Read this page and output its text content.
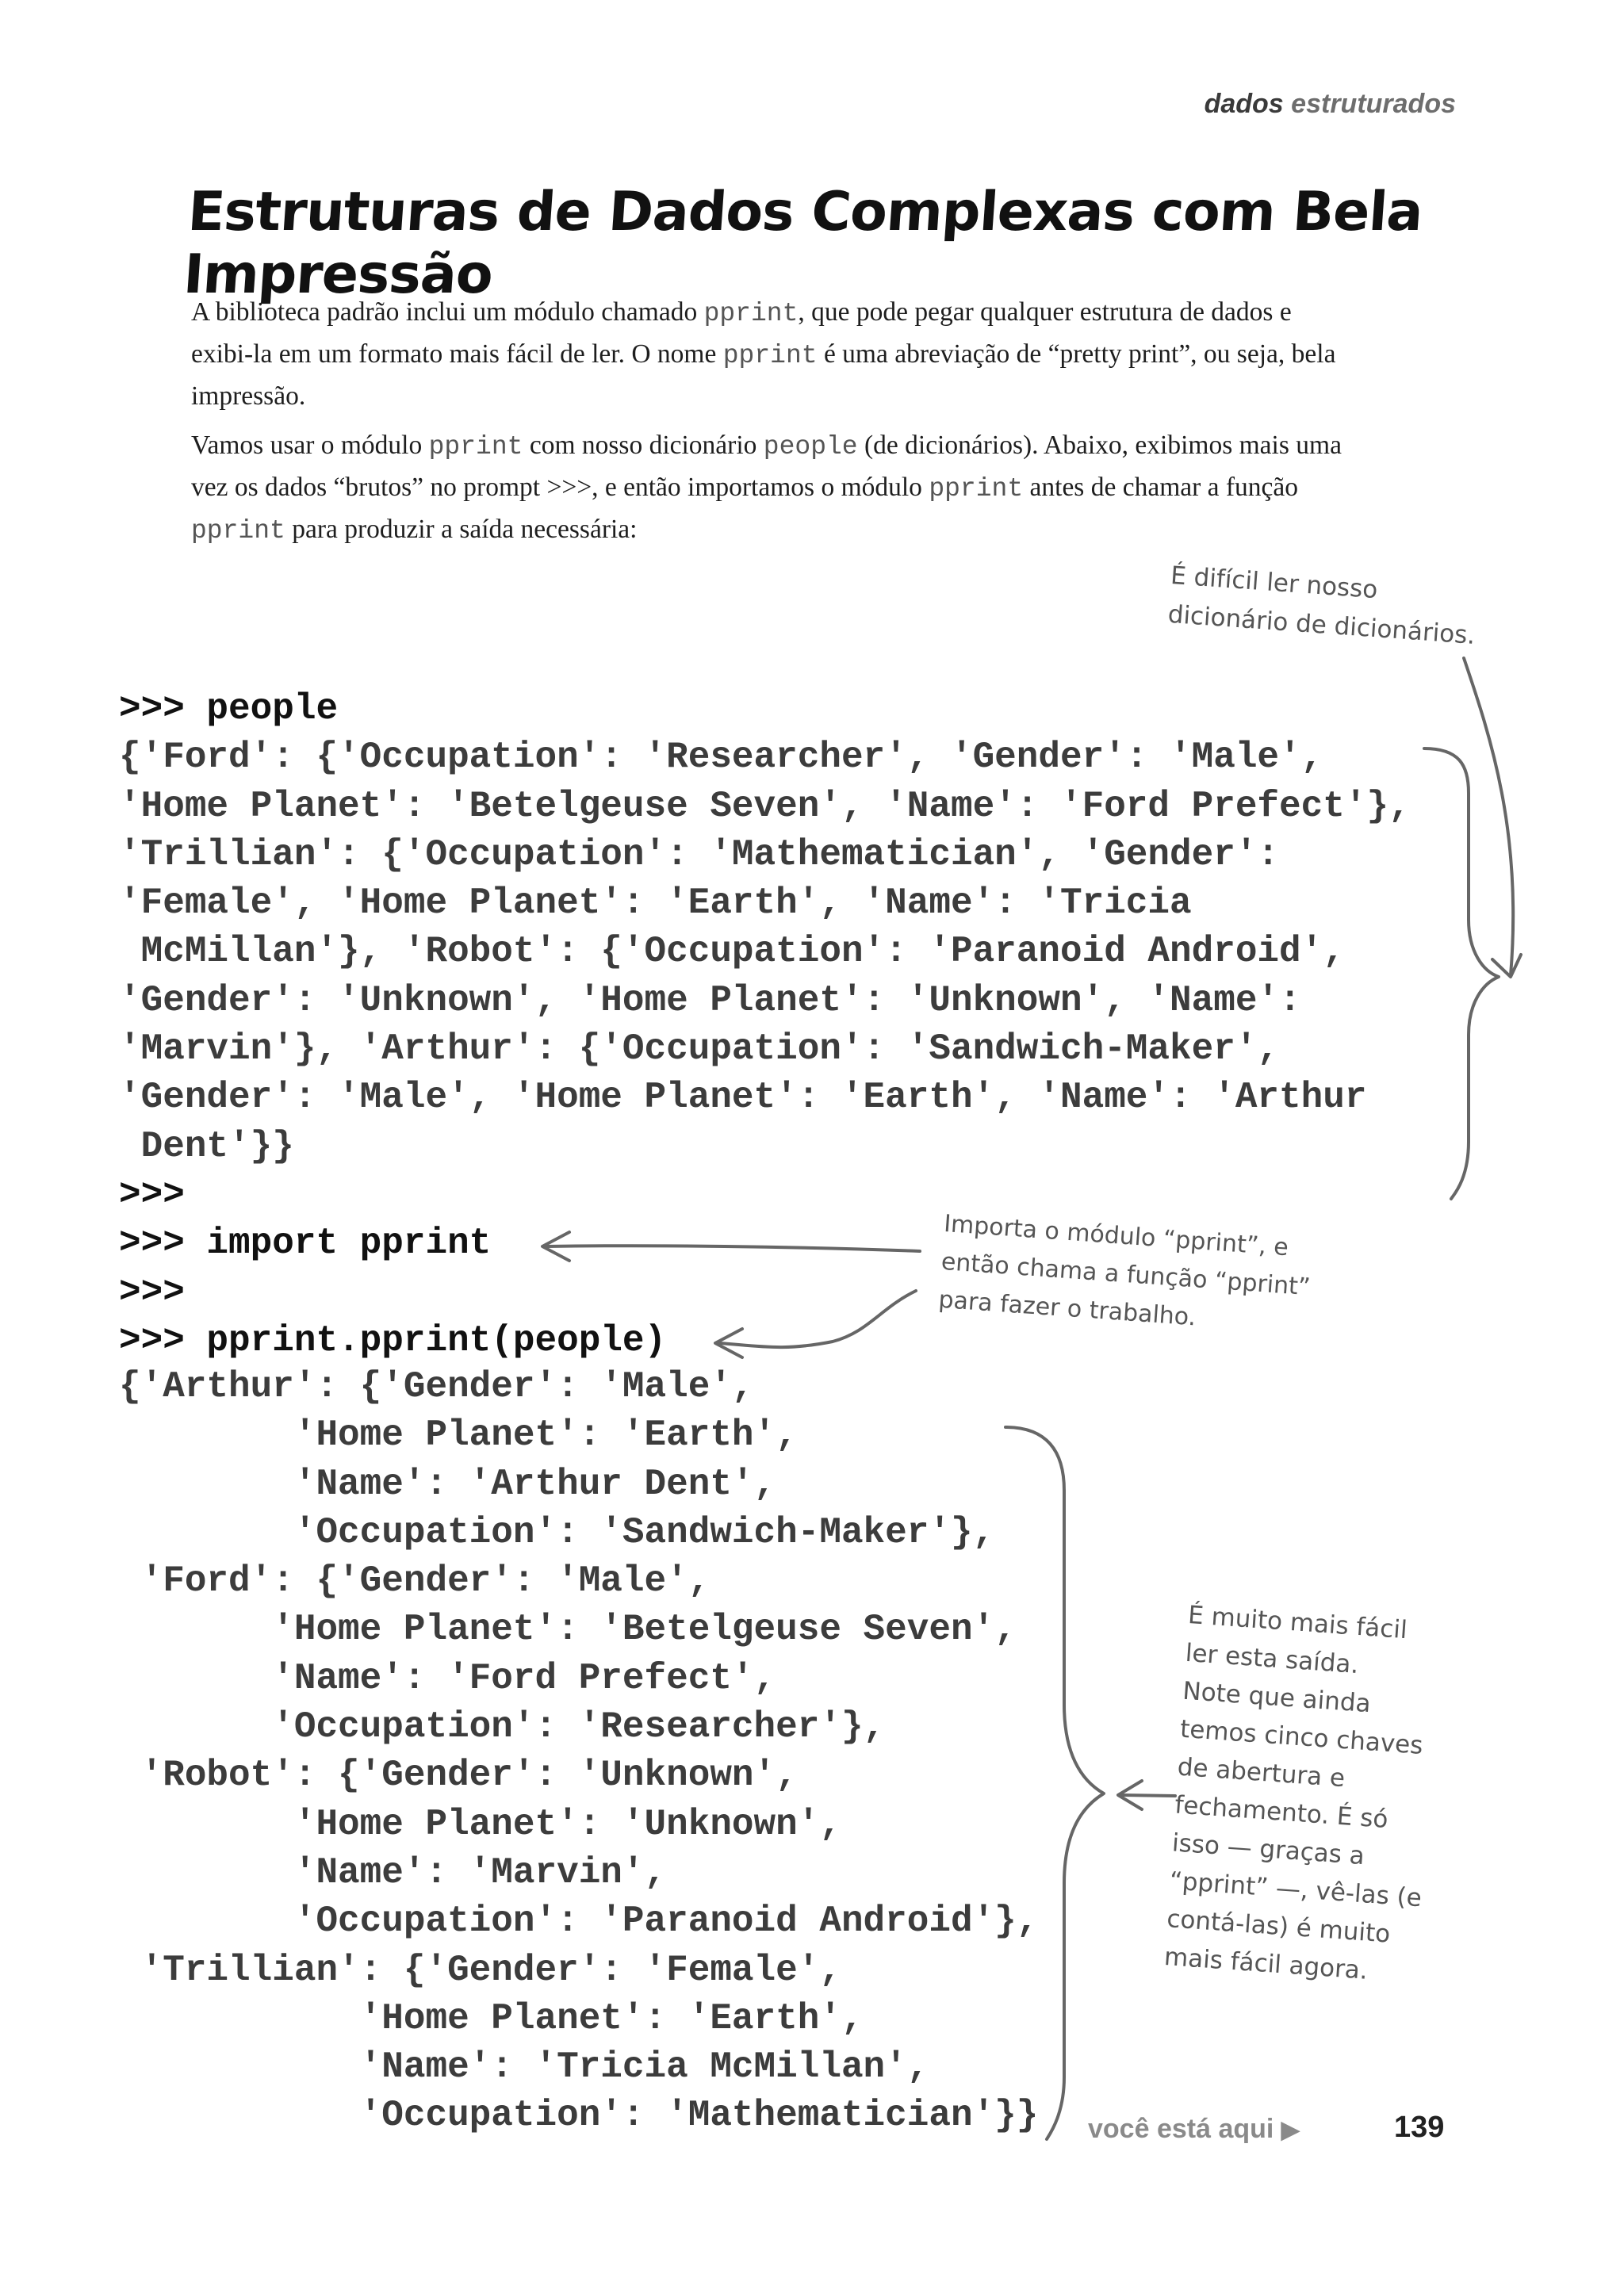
dados estruturados
Estruturas de Dados Complexas com Bela Impressão
A biblioteca padrão inclui um módulo chamado pprint, que pode pegar qualquer estrutura de dados e exibi-la em um formato mais fácil de ler. O nome pprint é uma abreviação de “pretty print”, ou seja, bela impressão.
Vamos usar o módulo pprint com nosso dicionário people (de dicionários). Abaixo, exibimos mais uma vez os dados “brutos” no prompt >>>, e então importamos o módulo pprint antes de chamar a função pprint para produzir a saída necessária:
>>> people
{'Ford': {'Occupation': 'Researcher', 'Gender': 'Male',
'Home Planet': 'Betelgeuse Seven', 'Name': 'Ford Prefect'},
'Trillian': {'Occupation': 'Mathematician', 'Gender':
'Female', 'Home Planet': 'Earth', 'Name': 'Tricia
McMillan'}, 'Robot': {'Occupation': 'Paranoid Android',
'Gender': 'Unknown', 'Home Planet': 'Unknown', 'Name':
'Marvin'}, 'Arthur': {'Occupation': 'Sandwich-Maker',
'Gender': 'Male', 'Home Planet': 'Earth', 'Name': 'Arthur
Dent'}}
>>>
>>> import pprint
>>>
>>> pprint.pprint(people)
{'Arthur': {'Gender': 'Male',
'Home Planet': 'Earth',
'Name': 'Arthur Dent',
'Occupation': 'Sandwich-Maker'},
'Ford': {'Gender': 'Male',
'Home Planet': 'Betelgeuse Seven',
'Name': 'Ford Prefect',
'Occupation': 'Researcher'},
'Robot': {'Gender': 'Unknown',
'Home Planet': 'Unknown',
'Name': 'Marvin',
'Occupation': 'Paranoid Android'},
'Trillian': {'Gender': 'Female',
'Home Planet': 'Earth',
'Name': 'Tricia McMillan',
'Occupation': 'Mathematician'}}
É difícil ler nosso
dicionário de dicionários.
Importa o módulo “pprint”, e
então chama a função “pprint”
para fazer o trabalho.
É muito mais fácil
ler esta saída.
Note que ainda
temos cinco chaves
de abertura e
fechamento. É só
isso — graças a
“pprint” —, vê-las (e
contá-las) é muito
mais fácil agora.
você está aqui ▶	139
